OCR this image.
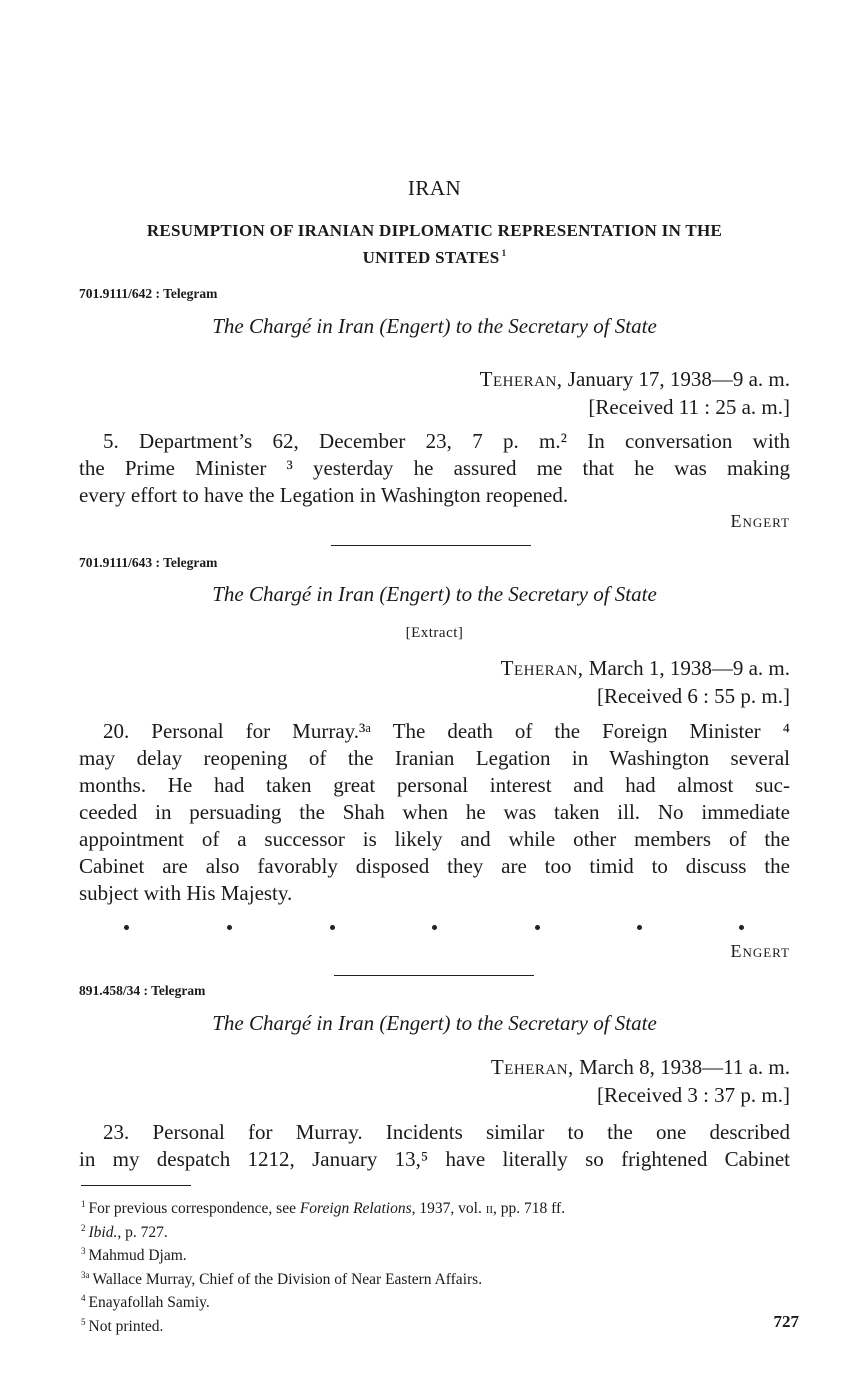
IRAN
RESUMPTION OF IRANIAN DIPLOMATIC REPRESENTATION IN THE
UNITED STATES $^1$
701.9111/642 : Telegram
The Chargé in Iran (Engert) to the Secretary of State
Teheran, January 17, 1938—9 a. m.
[Received 11 : 25 a. m.]
5. Department’s 62, December 23, 7 p. m.² In conversation with
the Prime Minister ³ yesterday he assured me that he was making
every effort to have the Legation in Washington reopened.
Engert
701.9111/643 : Telegram
The Chargé in Iran (Engert) to the Secretary of State
[Extract]
Teheran, March 1, 1938—9 a. m.
[Received 6 : 55 p. m.]
20. Personal for Murray.³ᵃ The death of the Foreign Minister ⁴
may delay reopening of the Iranian Legation in Washington several
months. He had taken great personal interest and had almost suc-
ceeded in persuading the Shah when he was taken ill. No immediate
appointment of a successor is likely and while other members of the
Cabinet are also favorably disposed they are too timid to discuss the
subject with His Majesty.
Engert
891.458/34 : Telegram
The Chargé in Iran (Engert) to the Secretary of State
Teheran, March 8, 1938—11 a. m.
[Received 3 : 37 p. m.]
23. Personal for Murray. Incidents similar to the one described
in my despatch 1212, January 13,⁵ have literally so frightened Cabinet
$^1$ For previous correspondence, see Foreign Relations, 1937, vol. ii, pp. 718 ff.
$^2$ Ibid., p. 727.
$^3$ Mahmud Djam.
$^{3a}$ Wallace Murray, Chief of the Division of Near Eastern Affairs.
$^4$ Enayafollah Samiy.
$^5$ Not printed.	727
